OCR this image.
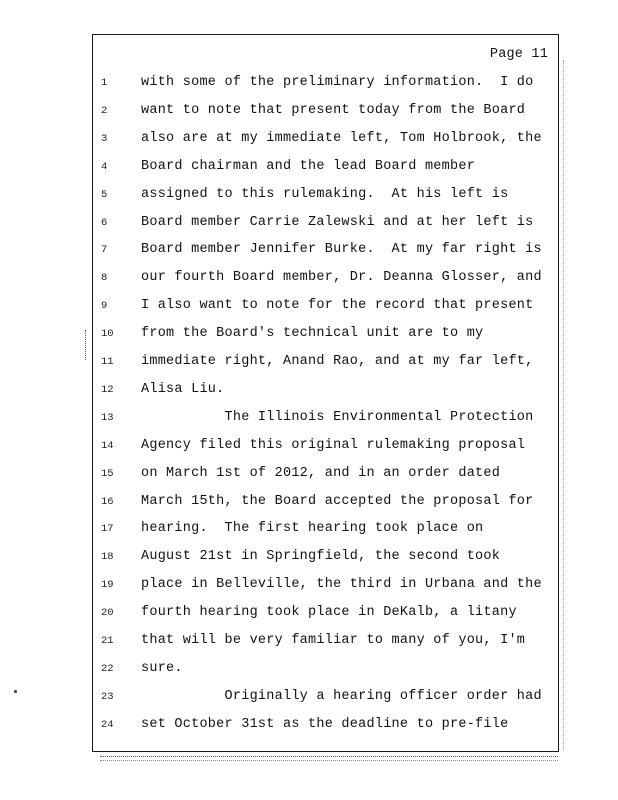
Page 11
1	with some of the preliminary information.  I do
2	want to note that present today from the Board
3	also are at my immediate left, Tom Holbrook, the
4	Board chairman and the lead Board member
5	assigned to this rulemaking.  At his left is
6	Board member Carrie Zalewski and at her left is
7	Board member Jennifer Burke.  At my far right is
8	our fourth Board member, Dr. Deanna Glosser, and
9	I also want to note for the record that present
10	from the Board's technical unit are to my
11	immediate right, Anand Rao, and at my far left,
12	Alisa Liu.
13	The Illinois Environmental Protection
14	Agency filed this original rulemaking proposal
15	on March 1st of 2012, and in an order dated
16	March 15th, the Board accepted the proposal for
17	hearing.  The first hearing took place on
18	August 21st in Springfield, the second took
19	place in Belleville, the third in Urbana and the
20	fourth hearing took place in DeKalb, a litany
21	that will be very familiar to many of you, I'm
22	sure.
23	Originally a hearing officer order had
24	set October 31st as the deadline to pre-file
